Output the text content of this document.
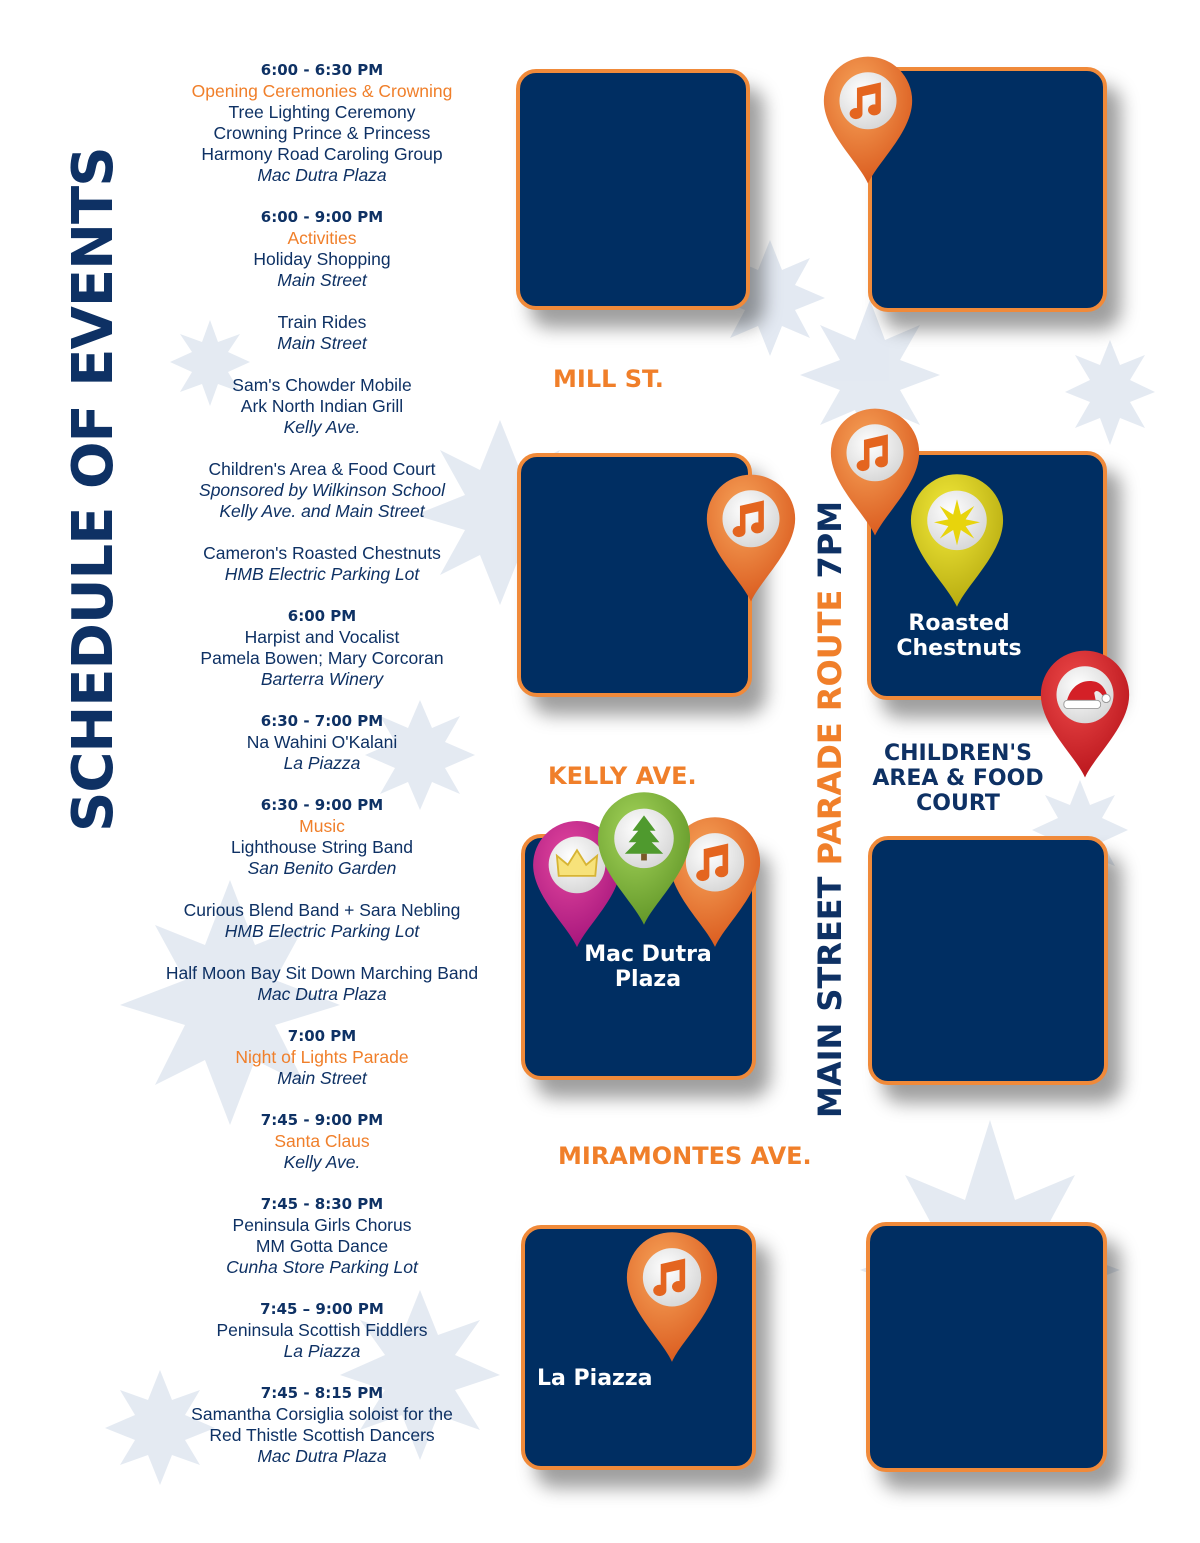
SCHEDULE OF EVENTS
6:00 - 6:30 PM
Opening Ceremonies & Crowning
Tree Lighting Ceremony
Crowning Prince & Princess
Harmony Road Caroling Group
Mac Dutra Plaza
6:00 - 9:00 PM
Activities
Holiday Shopping
Main Street
Train Rides
Main Street
Sam's Chowder Mobile
Ark North Indian Grill
Kelly Ave.
Children's Area & Food Court
Sponsored by Wilkinson School
Kelly Ave. and Main Street
Cameron's Roasted Chestnuts
HMB Electric Parking Lot
6:00 PM
Harpist and Vocalist
Pamela Bowen; Mary Corcoran
Barterra Winery
6:30 - 7:00 PM
Na Wahini O'Kalani
La Piazza
6:30 - 9:00 PM
Music
Lighthouse String Band
San Benito Garden
Curious Blend Band + Sara Nebling
HMB Electric Parking Lot
Half Moon Bay Sit Down Marching Band
Mac Dutra Plaza
7:00 PM
Night of Lights Parade
Main Street
7:45 - 9:00 PM
Santa Claus
Kelly Ave.
7:45 - 8:30 PM
Peninsula Girls Chorus
MM Gotta Dance
Cunha Store Parking Lot
7:45 – 9:00 PM
Peninsula Scottish Fiddlers
La Piazza
7:45 - 8:15 PM
Samantha Corsiglia soloist for the
Red Thistle Scottish Dancers
Mac Dutra Plaza
MILL ST.
KELLY AVE.
MIRAMONTES AVE.
MAIN STREET PARADE ROUTE 7PM
Roasted Chestnuts
Mac Dutra Plaza
La Piazza
CHILDREN'S AREA & FOOD COURT
